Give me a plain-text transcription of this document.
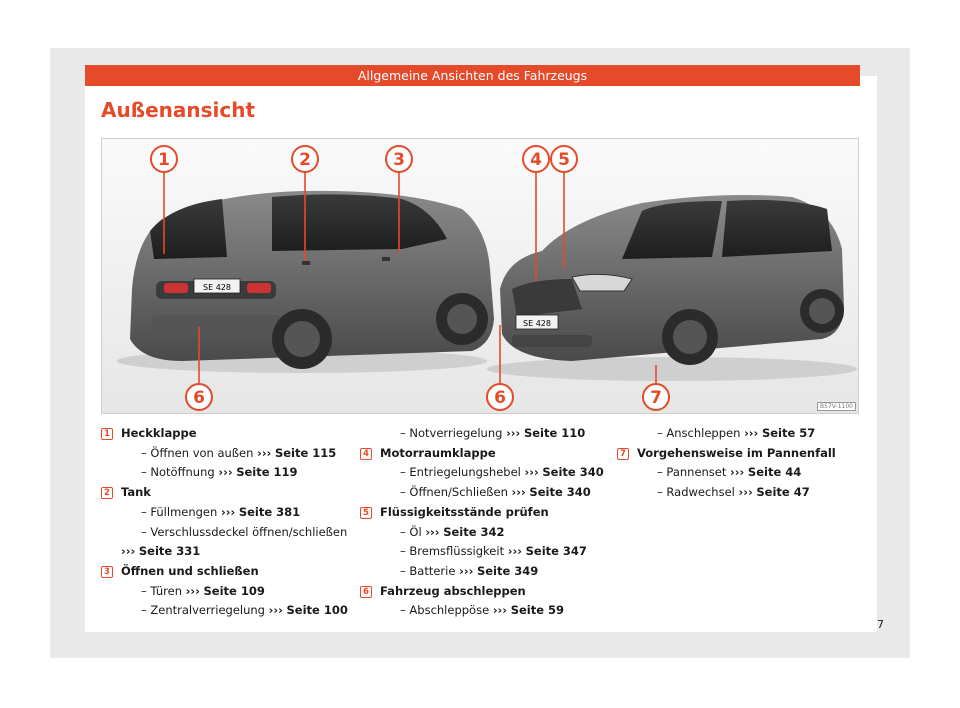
Allgemeine Ansichten des Fahrzeugs
Außenansicht
SE 428
SE 428
1	2	3	4 5
6	6	7	B57V-1100
1 Heckklappe
– Öffnen von außen ››› Seite 115
– Notöffnung ››› Seite 119
2 Tank
– Füllmengen ››› Seite 381
– Verschlussdeckel öffnen/schließen
››› Seite 331
3 Öffnen und schließen
– Türen ››› Seite 109
– Zentralverriegelung ››› Seite 100
– Notverriegelung ››› Seite 110
4 Motorraumklappe
– Entriegelungshebel ››› Seite 340
– Öffnen/Schließen ››› Seite 340
5 Flüssigkeitsstände prüfen
– Öl ››› Seite 342
– Bremsflüssigkeit ››› Seite 347
– Batterie ››› Seite 349
6 Fahrzeug abschleppen
– Abschleppöse ››› Seite 59
– Anschleppen ››› Seite 57
7 Vorgehensweise im Pannenfall
– Pannenset ››› Seite 44
– Radwechsel ››› Seite 47
7
